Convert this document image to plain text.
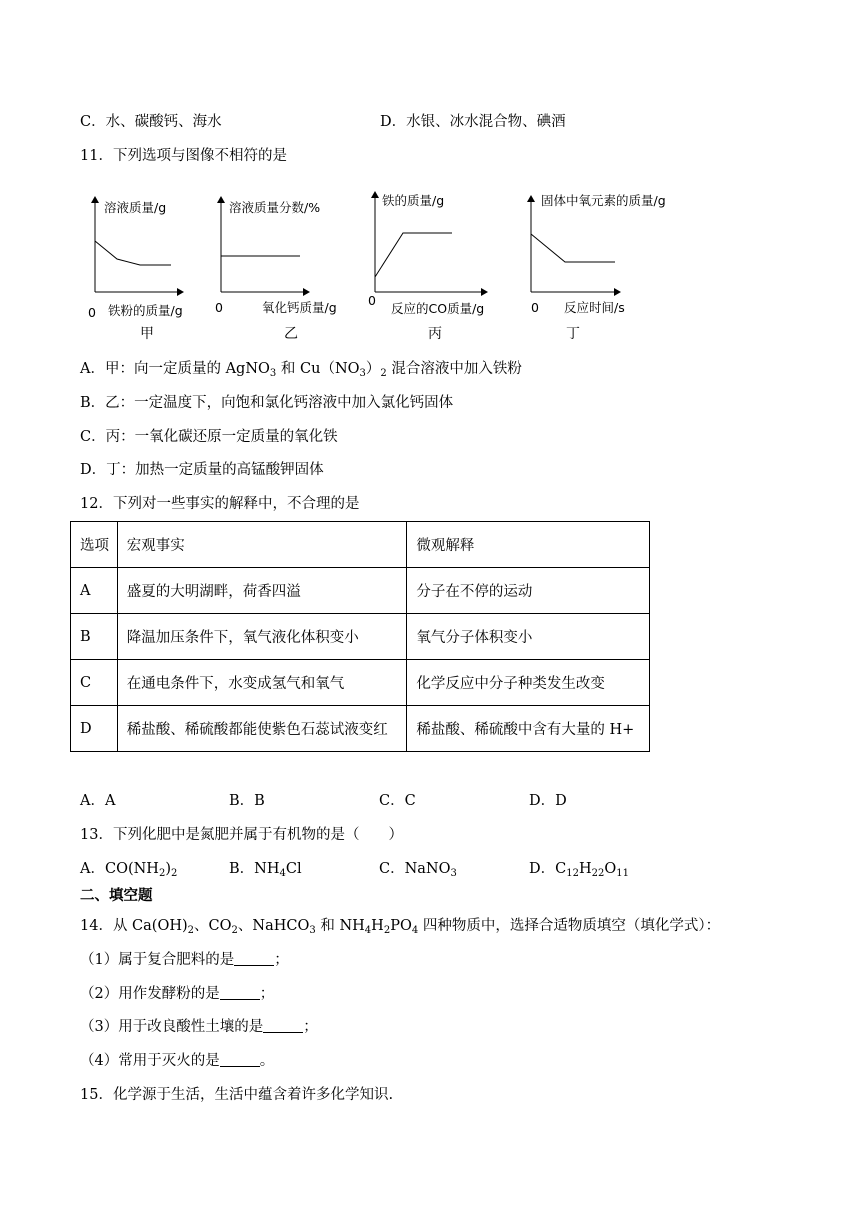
C．水、碳酸钙、海水	D．水银、冰水混合物、碘酒
11．下列选项与图像不相符的是
溶液质量/g
铁粉的质量/g
0
甲
溶液质量分数/%
氧化钙质量/g
0
乙
铁的质量/g
反应的CO质量/g
0
丙
固体中氧元素的质量/g
反应时间/s
0
丁
A．甲：向一定质量的 AgNO$_3$ 和 $Cu(NO_3)_2$ 混合溶液中加入铁粉
B．乙：一定温度下，向饱和氯化钙溶液中加入氯化钙固体
C．丙：一氧化碳还原一定质量的氧化铁
D．丁：加热一定质量的高锰酸钾固体
12．下列对一些事实的解释中，不合理的是
选项	宏观事实	微观解释
A	盛夏的大明湖畔，荷香四溢	分子在不停的运动
B	降温加压条件下，氧气液化体积变小	氧气分子体积变小
C	在通电条件下，水变成氢气和氧气	化学反应中分子种类发生改变
D	稀盐酸、稀硫酸都能使紫色石蕊试液变红	稀盐酸、稀硫酸中含有大量的 H+
A．A	B．B	C．C	D．D
13．下列化肥中是氮肥并属于有机物的是（　　）
A．$CO(NH_2)_2$	B．$NH_4Cl$	C．NaNO$_3$	D．$C_{12}H_{22}O_{11}$
二、填空题
14．从 $Ca(OH)_2$、$CO_2$、NaHCO$_3$ 和 $NH_4H_2PO_4$ 四种物质中，选择合适物质填空（填化学式）：
（1）属于复合肥料的是	；
（2）用作发酵粉的是	；
（3）用于改良酸性土壤的是	；
（4）常用于灭火的是	。
15．化学源于生活，生活中蕴含着许多化学知识.
